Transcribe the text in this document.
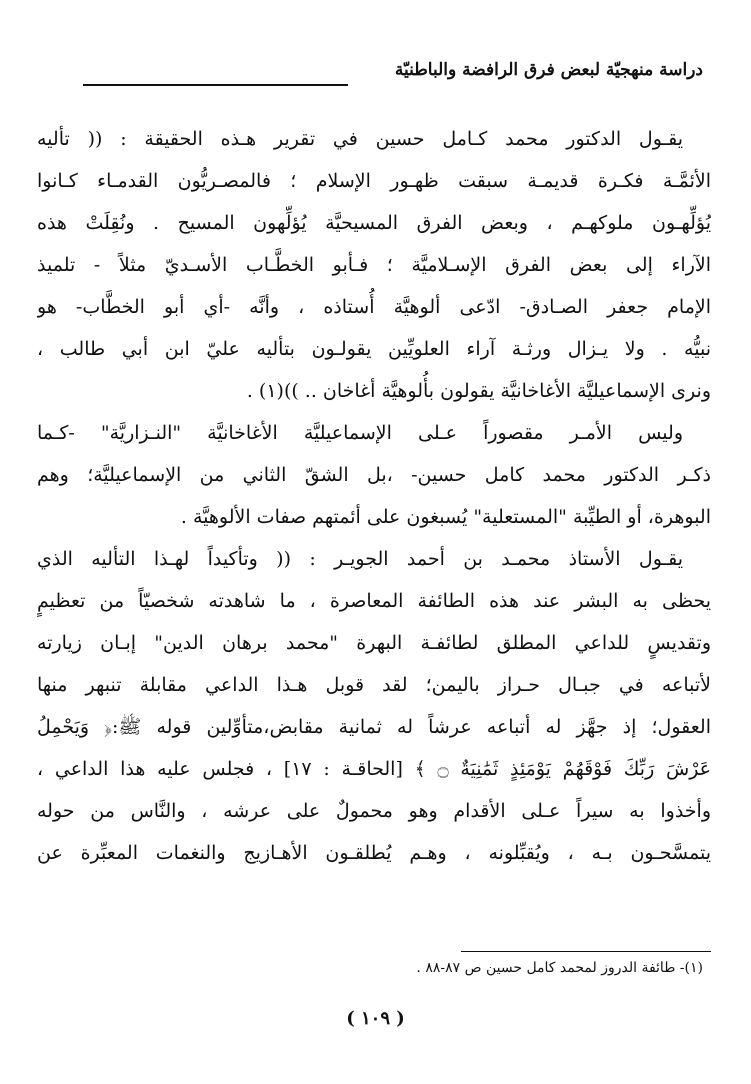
دراسة منهجيّة لبعض فرق الرافضة والباطنيّة
يقـول الدكتور محمد كـامل حسين في تقرير هـذه الحقيقة : (( تأليه
الأئمَّـة فكـرة قديمـة سبقت ظهـور الإسلام ؛ فالمصـريُّون القدمـاء كـانوا
يُؤلِّهـون ملوكهـم ، وبعض الفرق المسيحيَّة يُؤلِّهون المسيح . ونُقِلَتْ هذه
الآراء إلى بعض الفرق الإسـلاميَّة ؛ فـأبو الخطَّـاب الأسـديّ مثلاً - تلميذ
الإمام جعفر الصـادق- ادّعى ألوهيَّة أُستاذه ، وأنَّه -أي أبو الخطَّاب- هو
نبيُّه . ولا يـزال ورثـة آراء العلويِّين يقولـون بتأليه عليّ ابن أبي طالب ،
ونرى الإسماعيليَّة الأغاخانيَّة يقولون بأُلوهيَّة أغاخان .. ))(١) .
وليس الأمـر مقصوراً عـلى الإسماعيليَّة الأغاخانيَّة "النـزاريَّة" -كـما
ذكـر الدكتور محمد كامل حسين- ،بل الشقّ الثاني من الإسماعيليَّة؛ وهم
البوهرة، أو الطيِّبة "المستعلية" يُسبغون على أئمتهم صفات الألوهيَّة .
يقـول الأستاذ محمـد بن أحمد الجويـر : (( وتأكيداً لهـذا التأليه الذي
يحظى به البشر عند هذه الطائفة المعاصرة ، ما شاهدته شخصيّاً من تعظيمٍ
وتقديسٍ للداعي المطلق لطائفـة البهرة "محمد برهان الدين" إبـان زيارته
لأتباعه في جبـال حـراز باليمن؛ لقد قوبل هـذا الداعي مقابلة تنبهر منها
العقول؛ إذ جهَّز له أتباعه عرشاً له ثمانية مقابض،متأوِّلين قوله ﷺ:﴿ وَيَحْمِلُ
عَرْشَ رَبِّكَ فَوْقَهُمْ يَوْمَئِذٍ ثَمَٰنِيَةٌ ۝ ﴾ [الحاقـة : ١٧] ، فجلس عليه هذا الداعي ،
وأخذوا به سيراً عـلى الأقدام وهو محمولٌ على عرشه ، والنَّاس من حوله
يتمسَّحـون بـه ، ويُقبِّلونه ، وهـم يُطلقـون الأهـازيج والنغمات المعبِّرة عن
(١)- طائفة الدروز لمحمد كامل حسين ص ٨٧-٨٨ .
( ١٠٩ )
